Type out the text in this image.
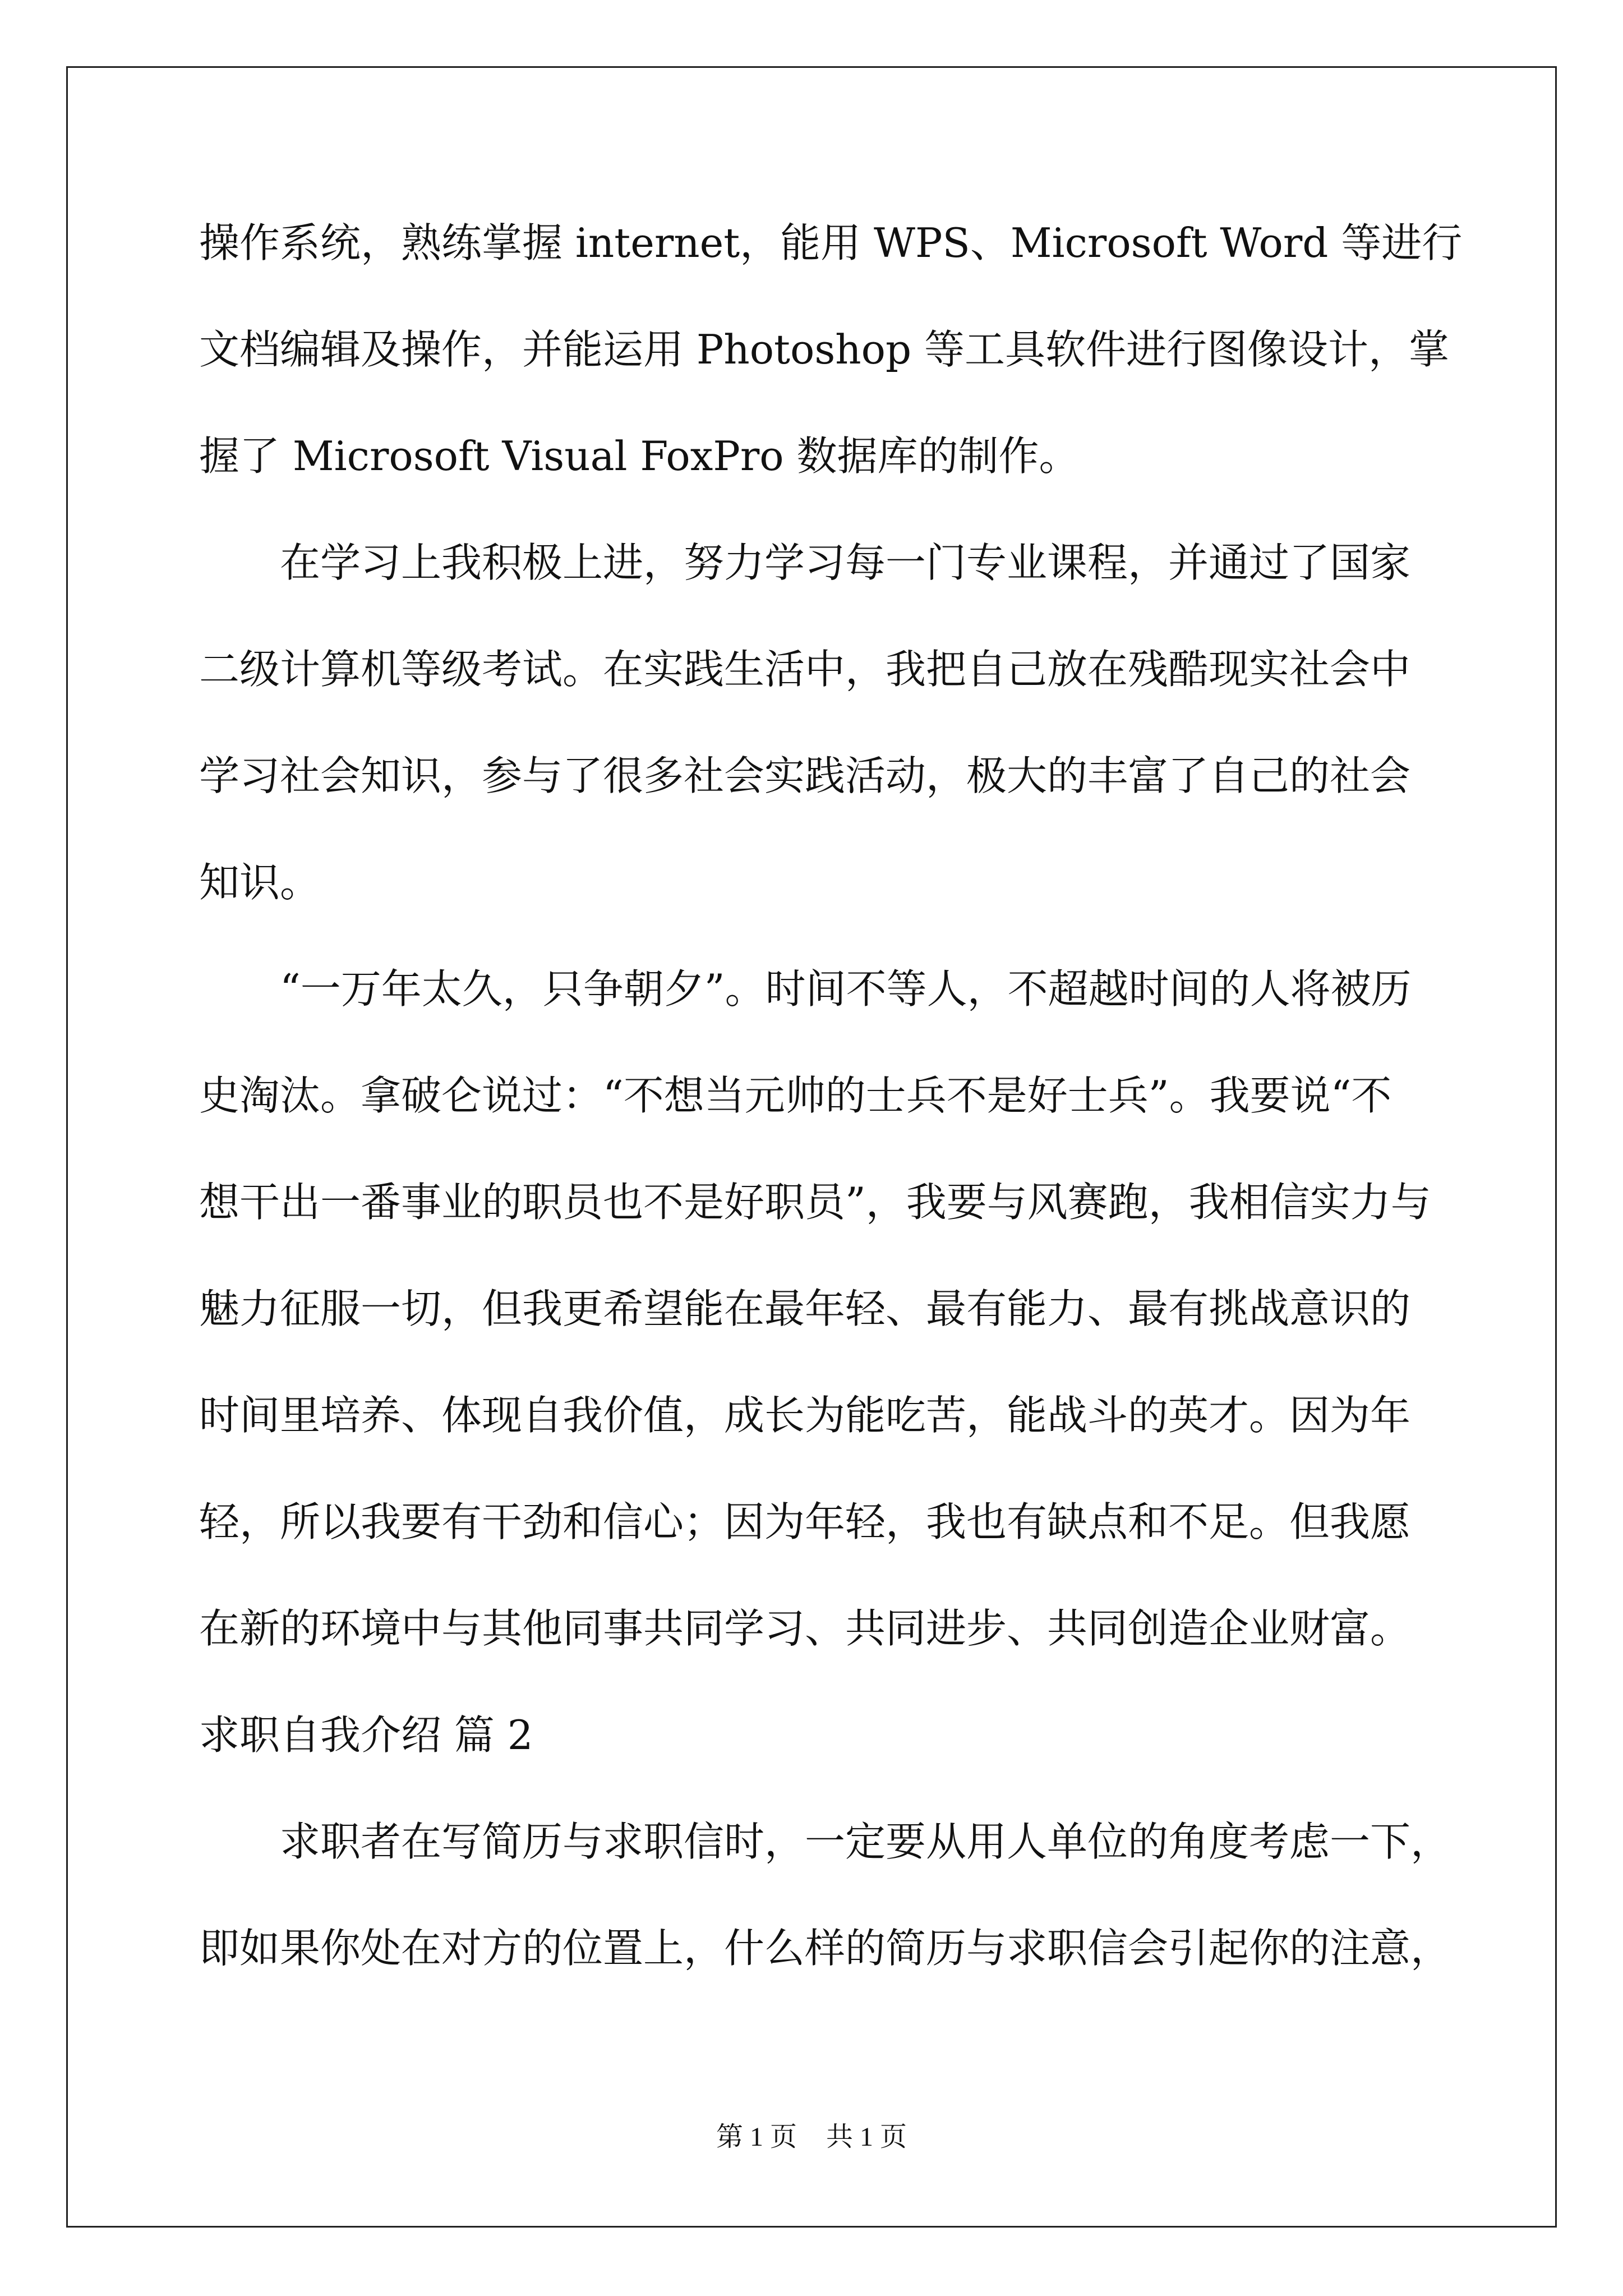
操作系统，熟练掌握 internet，能用 WPS、Microsoft Word 等进行
文档编辑及操作，并能运用 Photoshop 等工具软件进行图像设计，掌
握了 Microsoft Visual FoxPro 数据库的制作。
在学习上我积极上进，努力学习每一门专业课程，并通过了国家
二级计算机等级考试。在实践生活中，我把自己放在残酷现实社会中
学习社会知识，参与了很多社会实践活动，极大的丰富了自己的社会
知识。
“一万年太久，只争朝夕”。时间不等人，不超越时间的人将被历
史淘汰。拿破仑说过：“不想当元帅的士兵不是好士兵”。我要说“不
想干出一番事业的职员也不是好职员”，我要与风赛跑，我相信实力与
魅力征服一切，但我更希望能在最年轻、最有能力、最有挑战意识的
时间里培养、体现自我价值，成长为能吃苦，能战斗的英才。因为年
轻，所以我要有干劲和信心；因为年轻，我也有缺点和不足。但我愿
在新的环境中与其他同事共同学习、共同进步、共同创造企业财富。
求职自我介绍 篇 2
求职者在写简历与求职信时，一定要从用人单位的角度考虑一下，
即如果你处在对方的位置上，什么样的简历与求职信会引起你的注意，
第 1 页 共 1 页
